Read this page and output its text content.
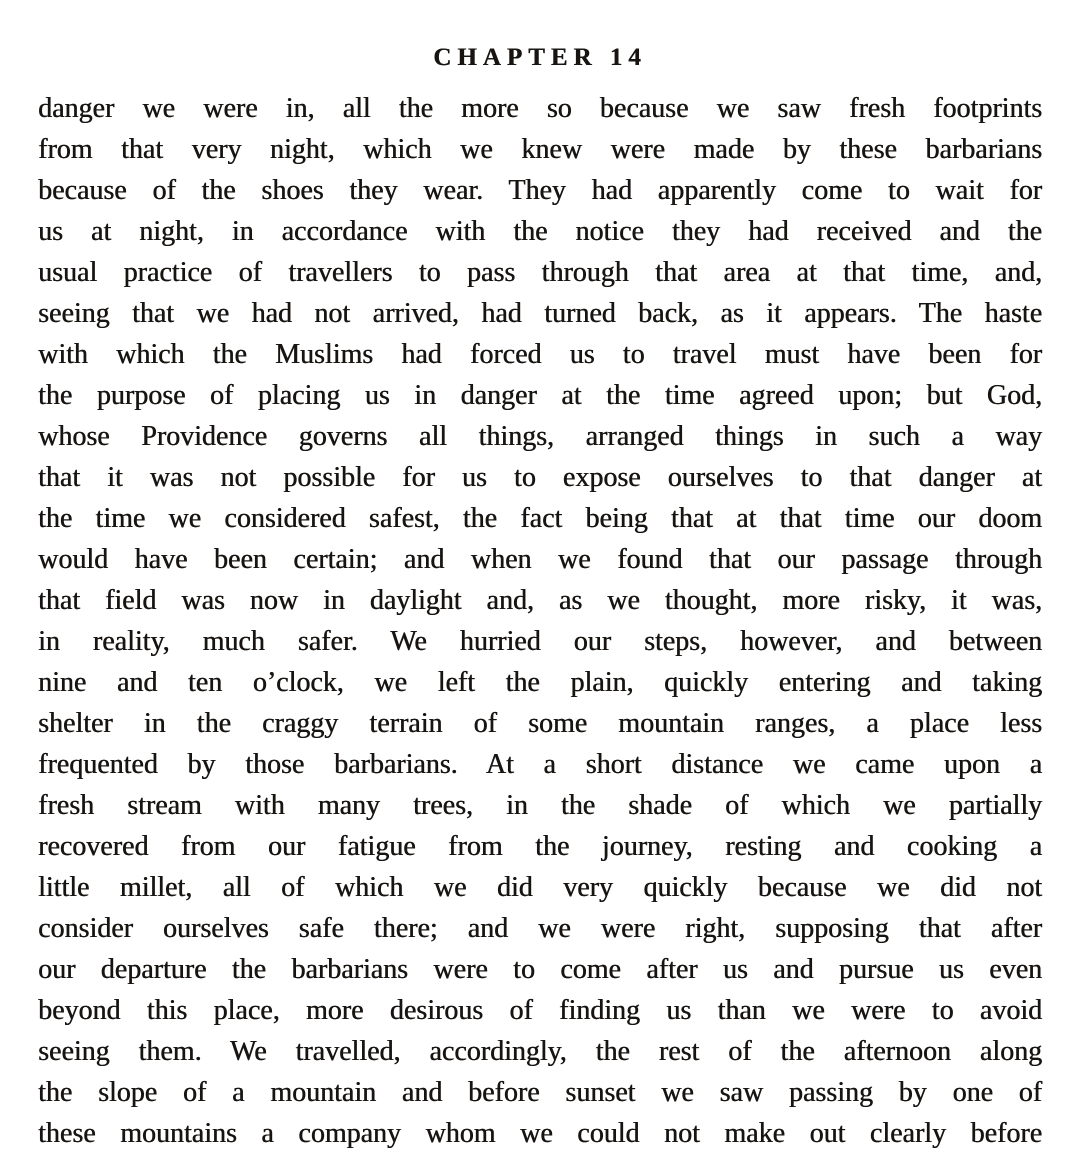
CHAPTER 14
danger we were in, all the more so because we saw fresh footprints
from that very night, which we knew were made by these barbarians
because of the shoes they wear. They had apparently come to wait for
us at night, in accordance with the notice they had received and the
usual practice of travellers to pass through that area at that time, and,
seeing that we had not arrived, had turned back, as it appears. The haste
with which the Muslims had forced us to travel must have been for
the purpose of placing us in danger at the time agreed upon; but God,
whose Providence governs all things, arranged things in such a way
that it was not possible for us to expose ourselves to that danger at
the time we considered safest, the fact being that at that time our doom
would have been certain; and when we found that our passage through
that field was now in daylight and, as we thought, more risky, it was,
in reality, much safer. We hurried our steps, however, and between
nine and ten o’clock, we left the plain, quickly entering and taking
shelter in the craggy terrain of some mountain ranges, a place less
frequented by those barbarians. At a short distance we came upon a
fresh stream with many trees, in the shade of which we partially
recovered from our fatigue from the journey, resting and cooking a
little millet, all of which we did very quickly because we did not
consider ourselves safe there; and we were right, supposing that after
our departure the barbarians were to come after us and pursue us even
beyond this place, more desirous of finding us than we were to avoid
seeing them. We travelled, accordingly, the rest of the afternoon along
the slope of a mountain and before sunset we saw passing by one of
these mountains a company whom we could not make out clearly before
